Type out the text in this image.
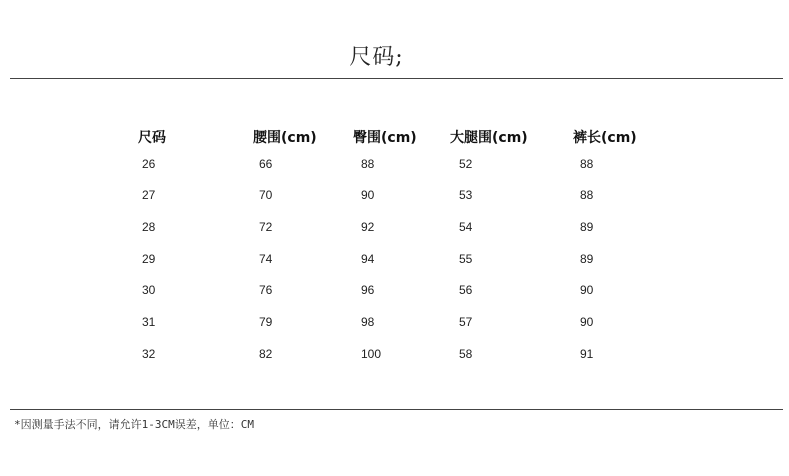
尺码;
尺码	腰围(cm)	臀围(cm) 大腿围(cm)	裤长(cm)
26	66	88	52	88
27	70	90	53	88
28	72	92	54	89
29	74	94	55	89
30	76	96	56	90
31	79	98	57	90
32	82	100	58	91
*因测量手法不同，请允许1-3CM误差，单位：CM
